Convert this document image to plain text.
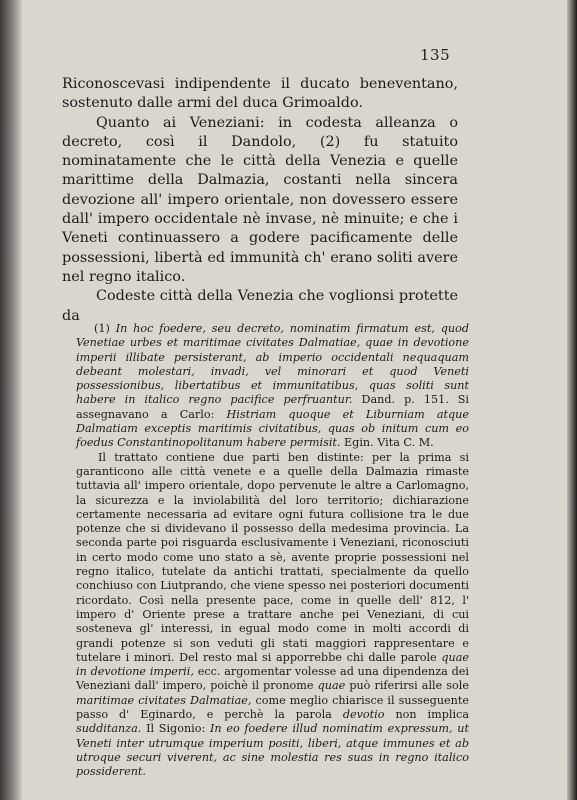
135

Riconoscevasi indipendente il ducato beneventano, sostenuto dalle armi del duca Grimoaldo.

Quanto ai Veneziani: in codesta alleanza o decreto, così il Dandolo, (2) fu statuito nominatamente che le città della Venezia e quelle marittime della Dalmazia, costanti nella sincera devozione all' impero orientale, non dovessero essere dall' impero occidentale nè invase, nè minuite; e che i Veneti continuassero a godere pacificamente delle possessioni, libertà ed immunità ch' erano soliti avere nel regno italico.

Codeste città della Venezia che voglionsi protette da

(1) In hoc foedere, seu decreto, nominatim firmatum est, quod Venetiae urbes et maritimae civitates Dalmatiae, quae in devotione imperii illibate persisterant, ab imperio occidentali nequaquam debeant molestari, invadi, vel minorari et quod Veneti possessionibus, libertatibus et immunitatibus, quas soliti sunt habere in italico regno pacifice perfruantur. Dand. p. 151. Si assegnavano a Carlo: Histriam quoque et Liburniam atque Dalmatiam exceptis maritimis civitatibus, quas ob initum cum eo foedus Constantinopolitanum habere permisit. Egin. Vita C. M.

Il trattato contiene due parti ben distinte: per la prima si garanticono alle città venete e a quelle della Dalmazia rimaste tuttavia all' impero orientale, dopo pervenute le altre a Carlomagno, la sicurezza e la inviolabilità del loro territorio; dichiarazione certamente necessaria ad evitare ogni futura collisione tra le due potenze che si dividevano il possesso della medesima provincia. La seconda parte poi risguarda esclusivamente i Veneziani, riconosciuti in certo modo come uno stato a sè, avente proprie possessioni nel regno italico, tutelate da antichi trattati, specialmente da quello conchiuso con Liutprando, che viene spesso nei posteriori documenti ricordato. Così nella presente pace, come in quelle dell' 812, l' impero d' Oriente prese a trattare anche pei Veneziani, di cui sosteneva gl' interessi, in egual modo come in molti accordi di grandi potenze si son veduti gli stati maggiori rappresentare e tutelare i minori. Del resto mal si apporrebbe chi dalle parole quae in devotione imperii, ecc. argomentar volesse ad una dipendenza dei Veneziani dall' impero, poichè il pronome quae può riferirsi alle sole maritimae civitates Dalmatiae, come meglio chiarisce il susseguente passo d' Eginardo, e perchè la parola devotio non implica sudditanza. Il Sigonio: In eo foedere illud nominatim expressum, ut Veneti inter utrumque imperium positi, liberi, atque immunes et ab utroque securi viverent, ac sine molestia res suas in regno italico possiderent.
